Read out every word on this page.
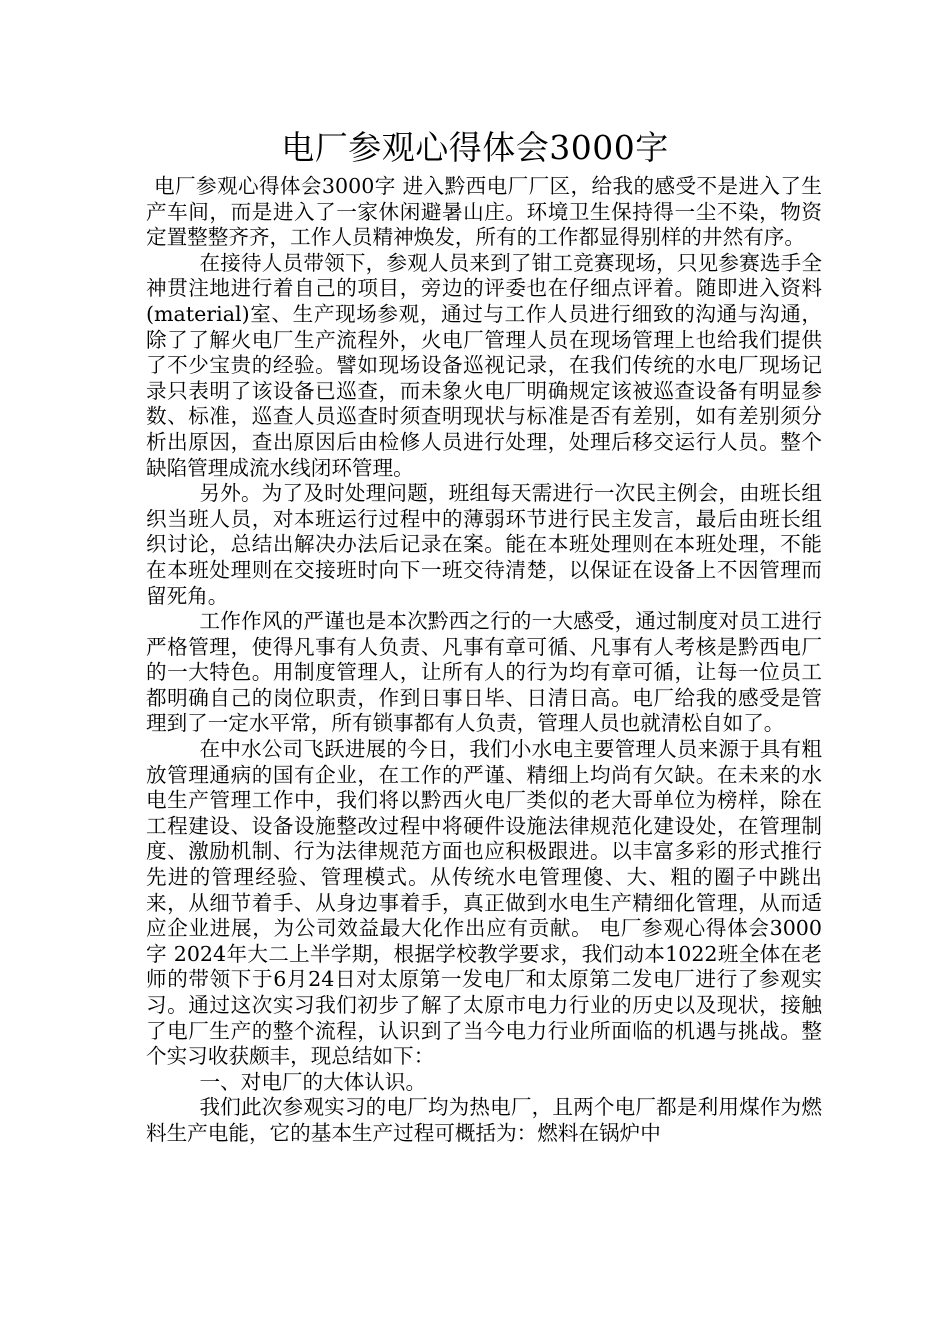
电厂参观心得体会3000字

电厂参观心得体会3000字 进入黔西电厂厂区，给我的感受不是进入了生产车间，而是进入了一家休闲避暑山庄。环境卫生保持得一尘不染，物资定置整整齐齐，工作人员精神焕发，所有的工作都显得别样的井然有序。

在接待人员带领下，参观人员来到了钳工竞赛现场，只见参赛选手全神贯注地进行着自己的项目，旁边的评委也在仔细点评着。随即进入资料(material)室、生产现场参观，通过与工作人员进行细致的沟通与沟通，除了了解火电厂生产流程外，火电厂管理人员在现场管理上也给我们提供了不少宝贵的经验。譬如现场设备巡视记录，在我们传统的水电厂现场记录只表明了该设备已巡查，而未象火电厂明确规定该被巡查设备有明显参数、标准，巡查人员巡查时须查明现状与标准是否有差别，如有差别须分析出原因，查出原因后由检修人员进行处理，处理后移交运行人员。整个缺陷管理成流水线闭环管理。

另外。为了及时处理问题，班组每天需进行一次民主例会，由班长组织当班人员，对本班运行过程中的薄弱环节进行民主发言，最后由班长组织讨论，总结出解决办法后记录在案。能在本班处理则在本班处理，不能在本班处理则在交接班时向下一班交待清楚，以保证在设备上不因管理而留死角。

工作作风的严谨也是本次黔西之行的一大感受，通过制度对员工进行严格管理，使得凡事有人负责、凡事有章可循、凡事有人考核是黔西电厂的一大特色。用制度管理人，让所有人的行为均有章可循，让每一位员工都明确自己的岗位职责，作到日事日毕、日清日高。电厂给我的感受是管理到了一定水平常，所有锁事都有人负责，管理人员也就清松自如了。

在中水公司飞跃进展的今日，我们小水电主要管理人员来源于具有粗放管理通病的国有企业，在工作的严谨、精细上均尚有欠缺。在未来的水电生产管理工作中，我们将以黔西火电厂类似的老大哥单位为榜样，除在工程建设、设备设施整改过程中将硬件设施法律规范化建设处，在管理制度、激励机制、行为法律规范方面也应积极跟进。以丰富多彩的形式推行先进的管理经验、管理模式。从传统水电管理傻、大、粗的圈子中跳出来，从细节着手、从身边事着手，真正做到水电生产精细化管理，从而适应企业进展，为公司效益最大化作出应有贡献。 电厂参观心得体会3000字 2024年大二上半学期，根据学校教学要求，我们动本1022班全体在老师的带领下于6月24日对太原第一发电厂和太原第二发电厂进行了参观实习。通过这次实习我们初步了解了太原市电力行业的历史以及现状，接触了电厂生产的整个流程，认识到了当今电力行业所面临的机遇与挑战。整个实习收获颇丰，现总结如下：

一、对电厂的大体认识。

我们此次参观实习的电厂均为热电厂，且两个电厂都是利用煤作为燃料生产电能，它的基本生产过程可概括为：燃料在锅炉中
